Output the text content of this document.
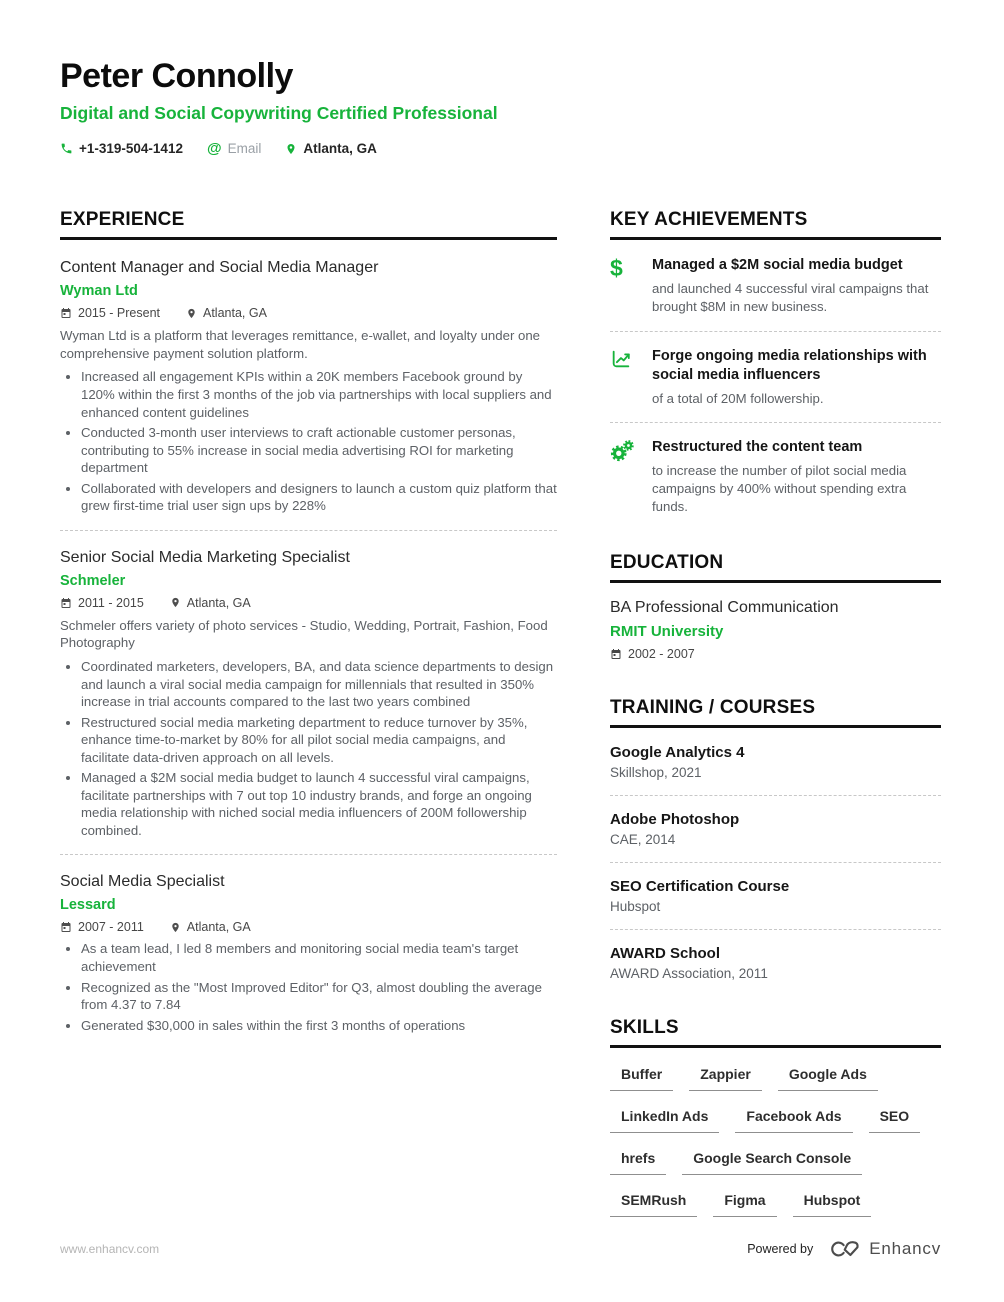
Peter Connolly
Digital and Social Copywriting Certified Professional
+1-319-504-1412 @ Email	Atlanta, GA
EXPERIENCE
Content Manager and Social Media Manager
Wyman Ltd
2015 - Present	Atlanta, GA
Wyman Ltd is a platform that leverages remittance, e-wallet, and loyalty under one comprehensive payment solution platform.
• Increased all engagement KPIs within a 20K members Facebook ground by 120% within the first 3 months of the job via partnerships with local suppliers and enhanced content guidelines
• Conducted 3-month user interviews to craft actionable customer personas, contributing to 55% increase in social media advertising ROI for marketing department
• Collaborated with developers and designers to launch a custom quiz platform that grew first-time trial user sign ups by 228%
Senior Social Media Marketing Specialist
Schmeler
2011 - 2015	Atlanta, GA
Schmeler offers variety of photo services - Studio, Wedding, Portrait, Fashion, Food Photography
• Coordinated marketers, developers, BA, and data science departments to design and launch a viral social media campaign for millennials that resulted in 350% increase in trial accounts compared to the last two years combined
• Restructured social media marketing department to reduce turnover by 35%, enhance time-to-market by 80% for all pilot social media campaigns, and facilitate data-driven approach on all levels.
• Managed a $2M social media budget to launch 4 successful viral campaigns, facilitate partnerships with 7 out top 10 industry brands, and forge an ongoing media relationship with niched social media influencers of 200M followership combined.
Social Media Specialist
Lessard
2007 - 2011	Atlanta, GA
• As a team lead, I led 8 members and monitoring social media team's target achievement
• Recognized as the "Most Improved Editor" for Q3, almost doubling the average from 4.37 to 7.84
• Generated $30,000 in sales within the first 3 months of operations
KEY ACHIEVEMENTS
$	Managed a $2M social media budget
and launched 4 successful viral campaigns that brought $8M in new business.
Forge ongoing media relationships with social media influencers
of a total of 20M followership.
Restructured the content team
to increase the number of pilot social media campaigns by 400% without spending extra funds.
EDUCATION
BA Professional Communication
RMIT University
2002 - 2007
TRAINING / COURSES
Google Analytics 4
Skillshop, 2021
Adobe Photoshop
CAE, 2014
SEO Certification Course
Hubspot
AWARD School
AWARD Association, 2011
SKILLS
Buffer	Zappier	Google Ads
LinkedIn Ads	Facebook Ads	SEO
hrefs	Google Search Console
SEMRush	Figma	Hubspot
www.enhancv.com	Powered by	Enhancv
